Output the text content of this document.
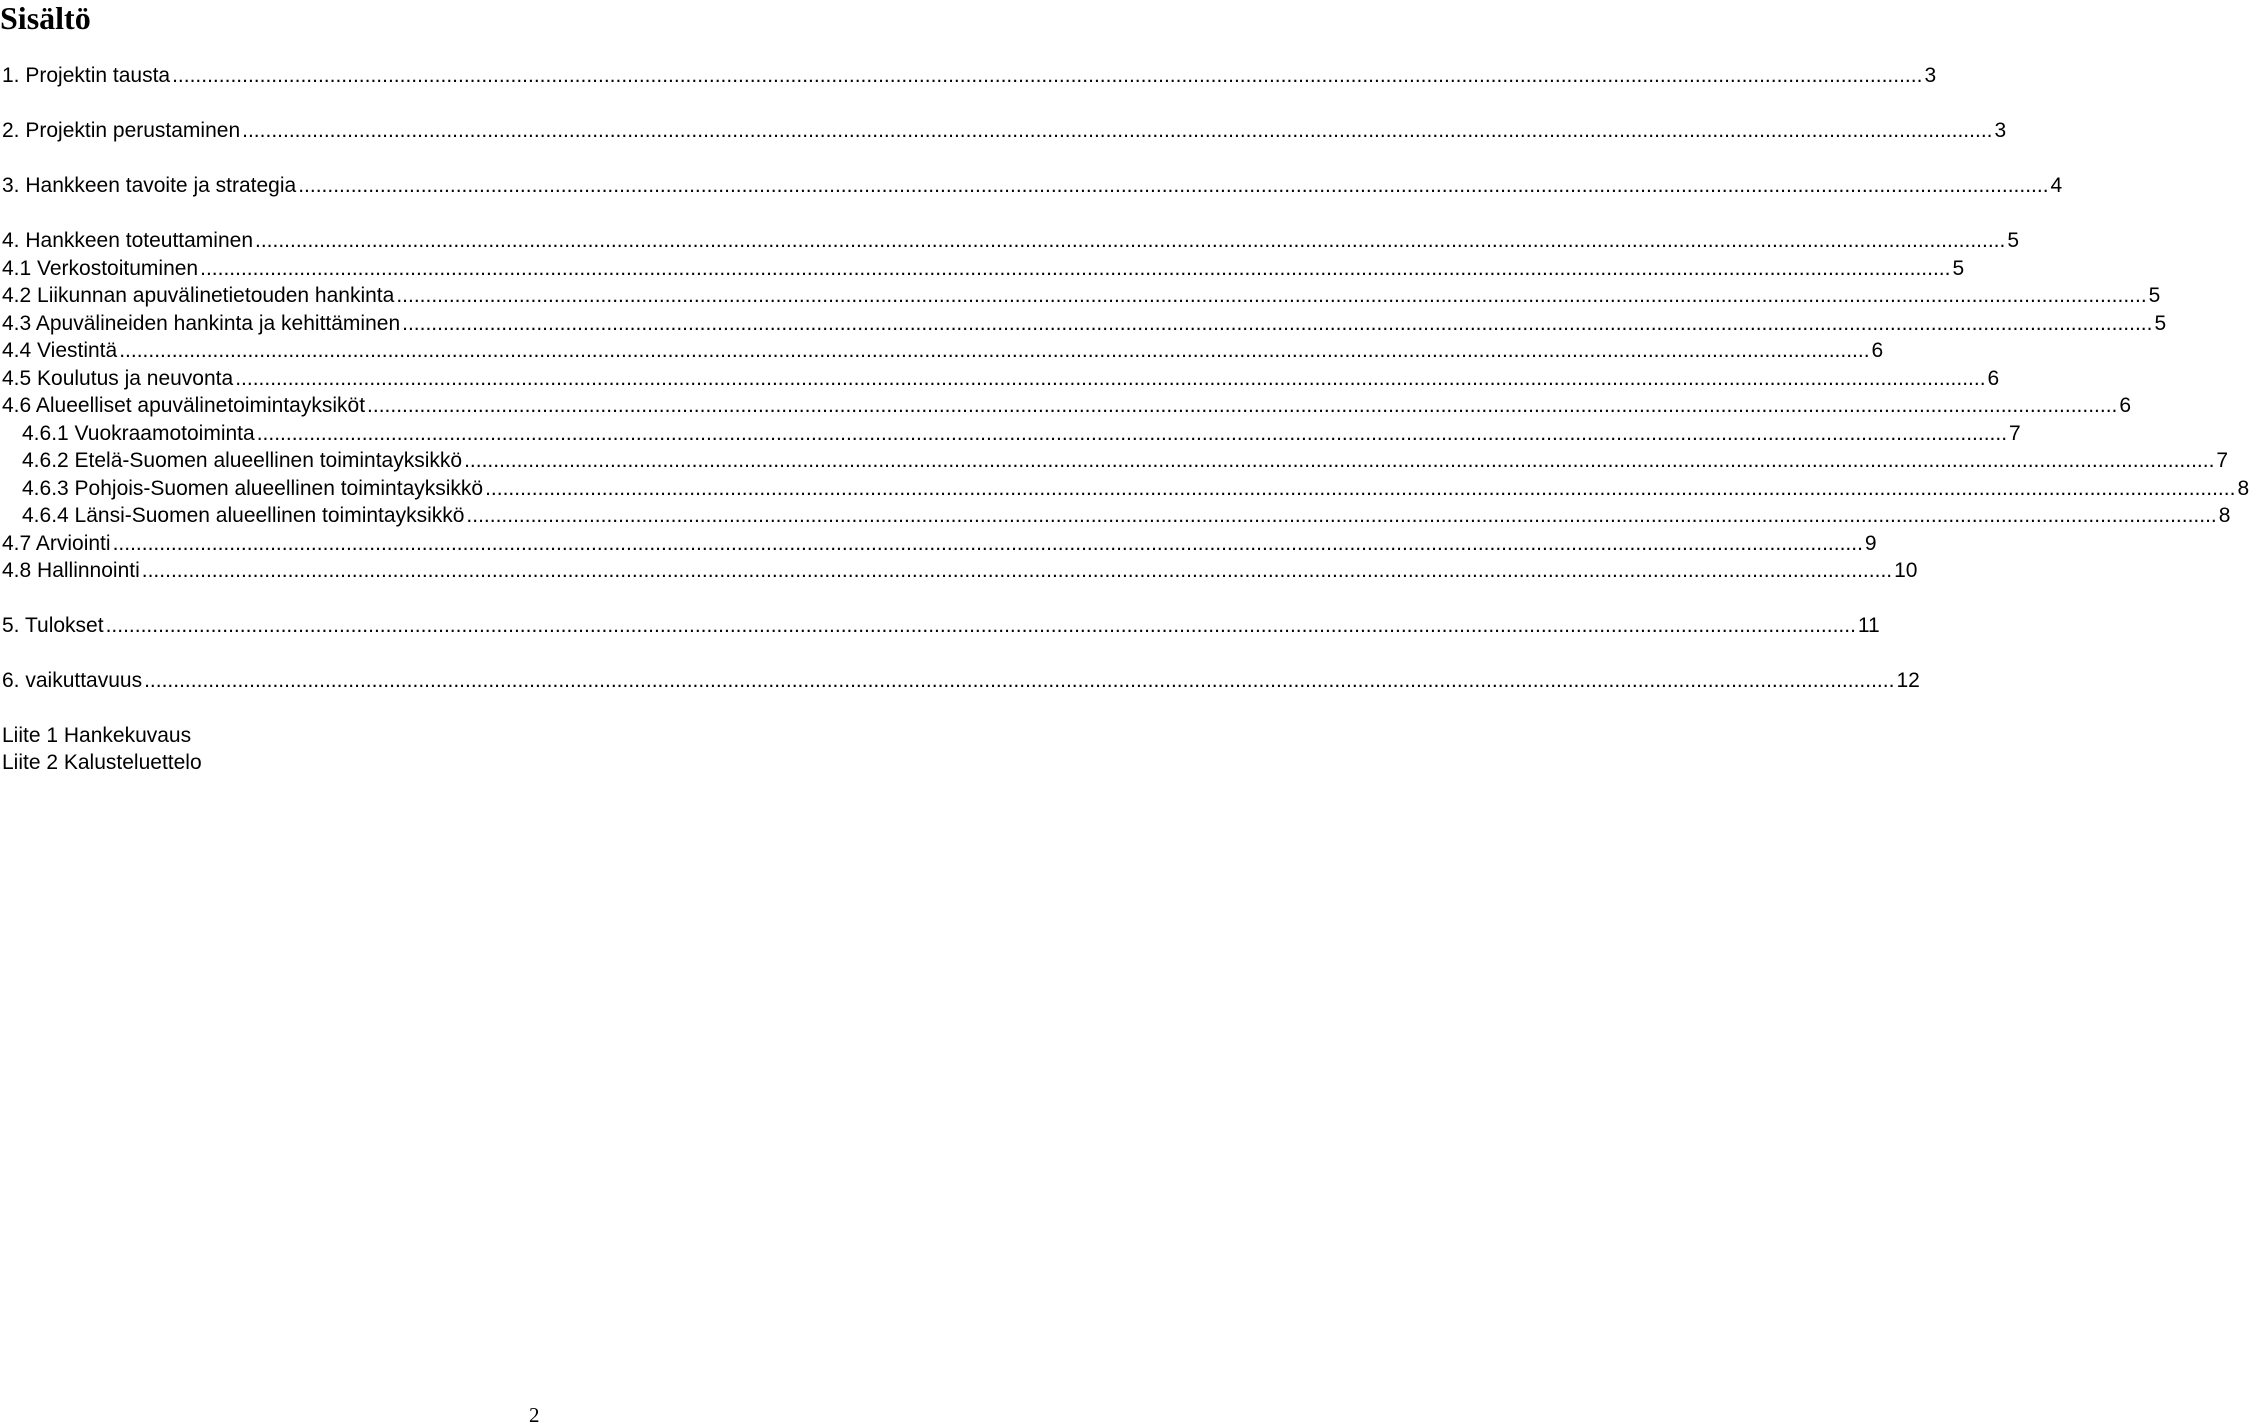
Sisältö
1. Projektin tausta ............................................................................................................................................................................................................................................................................................................ 3
2. Projektin perustaminen ............................................................................................................................................................................................................................................................................................................ 3
3. Hankkeen tavoite ja strategia ............................................................................................................................................................................................................................................................................................................ 4
4. Hankkeen toteuttaminen ............................................................................................................................................................................................................................................................................................................ 5
4.1 Verkostoituminen ............................................................................................................................................................................................................................................................................................................ 5
4.2 Liikunnan apuvälinetietouden hankinta ............................................................................................................................................................................................................................................................................................................ 5
4.3 Apuvälineiden hankinta ja kehittäminen ............................................................................................................................................................................................................................................................................................................ 5
4.4 Viestintä ............................................................................................................................................................................................................................................................................................................ 6
4.5 Koulutus ja neuvonta ............................................................................................................................................................................................................................................................................................................ 6
4.6 Alueelliset apuvälinetoimintayksiköt ............................................................................................................................................................................................................................................................................................................ 6
4.6.1 Vuokraamotoiminta ............................................................................................................................................................................................................................................................................................................ 7
4.6.2 Etelä-Suomen alueellinen toimintayksikkö ............................................................................................................................................................................................................................................................................................................ 7
4.6.3 Pohjois-Suomen alueellinen toimintayksikkö ............................................................................................................................................................................................................................................................................................................ 8
4.6.4 Länsi-Suomen alueellinen toimintayksikkö ............................................................................................................................................................................................................................................................................................................ 8
4.7 Arviointi ............................................................................................................................................................................................................................................................................................................ 9
4.8 Hallinnointi ............................................................................................................................................................................................................................................................................................................ 10
5. Tulokset ............................................................................................................................................................................................................................................................................................................ 11
6. vaikuttavuus ............................................................................................................................................................................................................................................................................................................ 12
Liite 1 Hankekuvaus
Liite 2 Kalusteluettelo
2
